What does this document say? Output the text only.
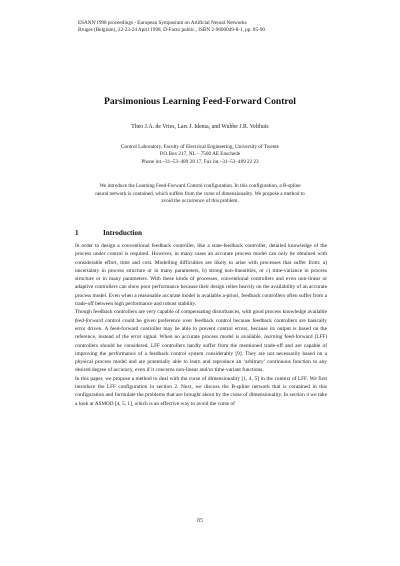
ESANN'1998 proceedings - European Symposium on Artificial Neural Networks
Bruges (Belgium), 22-23-24 April 1998, D-Facto public., ISBN 2-9600049-8-1, pp. 85-90
Parsimonious Learning Feed-Forward Control
Theo J.A. de Vries, Lars J. Idema, and Wubbe J.R. Velthuis
Control Laboratory, Faculty of Electrical Engineering, University of Twente
P.O.Box 217, NL – 7500 AE Enschede
Phone int.–31–53–489 28 17, Fax int.–31–53–489 22 23
We introduce the Learning Feed-Forward Control configuration. In this configuration, a B-spline neural network is contained, which suffers from the curse of dimensionality. We propose a method to avoid the occurrence of this problem.
1	Introduction

In order to design a conventional feedback controller, like a state-feedback controller, detailed knowledge of the process under control is required. However, in many cases an accurate process model can only be obtained with considerable effort, time and cost. Modelling difficulties are likely to arise with processes that suffer from: a) uncertainty in process structure or in many parameters, b) strong non-linearities, or c) time-variance in process structure or in many parameters. With these kinds of processes, conventional controllers and even non-linear or adaptive controllers can show poor performance because their design relies heavily on the availability of an accurate process model. Even when a reasonable accurate model is available a-priori, feedback controllers often suffer from a trade-off between high performance and robust stability.

Though feedback controllers are very capable of compensating disturbances, with good process knowledge available feed-forward control could be given preference over feedback control because feedback controllers are basically error driven. A feed-forward controller may be able to prevent control errors, because its output is based on the reference, instead of the error signal. When no accurate process model is available, learning feed-forward (LFF) controllers should be considered. LFF controllers hardly suffer from the mentioned trade-off and are capable of improving the performance of a feedback control system considerably [9]. They are not necessarily based on a physical process model and are potentially able to learn and reproduce an ‘arbitrary’ continuous function to any desired degree of accuracy, even if it concerns non-linear and/or time-variant functions.

In this paper, we propose a method to deal with the curse of dimensionality [1, 4, 5] in the context of LFF. We first introduce the LFF configuration in section 2. Next, we discuss the B-spline network that is contained in this configuration and formulate the problems that are brought about by the curse of dimensionality. In section 4 we take a look at ASMOD [4, 5, 1], which is an effective way to avoid the curse of

85
